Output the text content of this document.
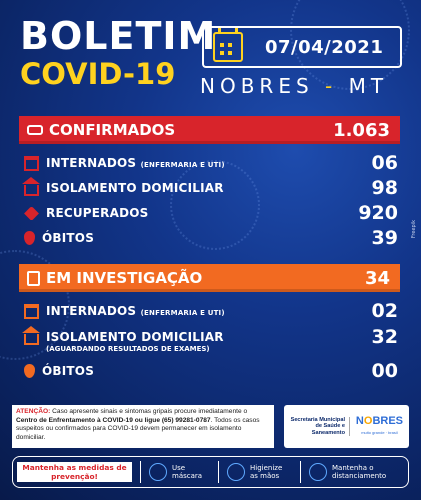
BOLETIM
COVID-19
07/04/2021
NOBRES - MT
CONFIRMADOS	1.063
INTERNADOS (ENFERMARIA E UTI)	06
ISOLAMENTO DOMICILIAR	98
RECUPERADOS	920
ÓBITOS	39
EM INVESTIGAÇÃO	34
INTERNADOS (ENFERMARIA E UTI)	02
ISOLAMENTO DOMICILIAR	32
(AGUARDANDO RESULTADOS DE EXAMES)
ÓBITOS	00
ATENÇÃO: Caso apresente sinais e sintomas gripais procure imediatamente o Centro de Enfrentamento à COVID-19 ou ligue (65) 99281-0787. Todos os casos suspeitos ou confirmados para COVID-19 devem permanecer em isolamento domiciliar.
Secretaria Municipal de Saúde e Saneamento
NOBRES
muito grande · brasil
Mantenha as medidas de prevenção!
Use máscara
Higienize as mãos
Mantenha o distanciamento
Freepik
